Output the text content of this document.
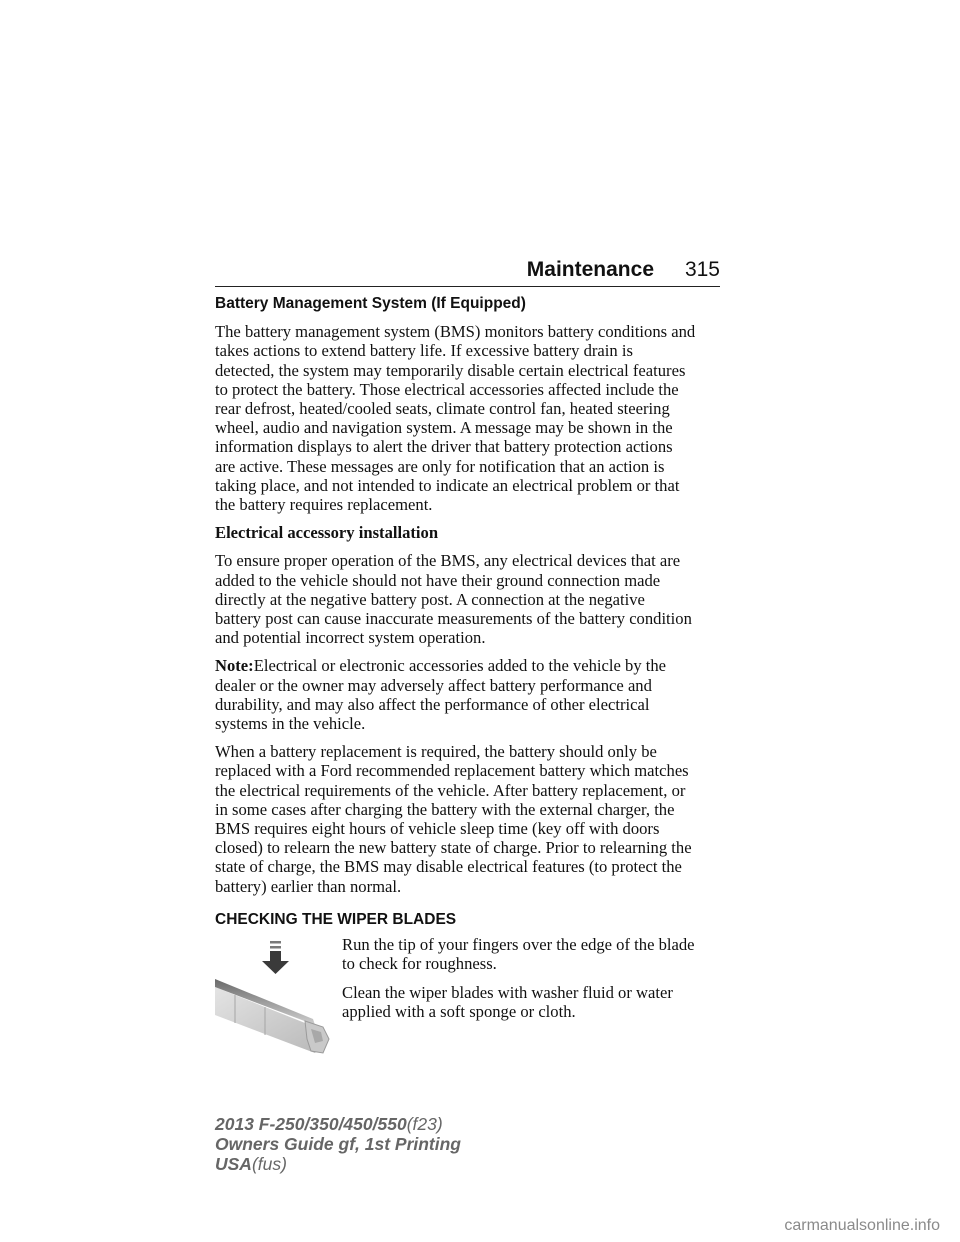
Maintenance 315
Battery Management System (If Equipped)

The battery management system (BMS) monitors battery conditions and
takes actions to extend battery life. If excessive battery drain is
detected, the system may temporarily disable certain electrical features
to protect the battery. Those electrical accessories affected include the
rear defrost, heated/cooled seats, climate control fan, heated steering
wheel, audio and navigation system. A message may be shown in the
information displays to alert the driver that battery protection actions
are active. These messages are only for notification that an action is
taking place, and not intended to indicate an electrical problem or that
the battery requires replacement.

Electrical accessory installation

To ensure proper operation of the BMS, any electrical devices that are
added to the vehicle should not have their ground connection made
directly at the negative battery post. A connection at the negative
battery post can cause inaccurate measurements of the battery condition
and potential incorrect system operation.

Note:Electrical or electronic accessories added to the vehicle by the
dealer or the owner may adversely affect battery performance and
durability, and may also affect the performance of other electrical
systems in the vehicle.

When a battery replacement is required, the battery should only be
replaced with a Ford recommended replacement battery which matches
the electrical requirements of the vehicle. After battery replacement, or
in some cases after charging the battery with the external charger, the
BMS requires eight hours of vehicle sleep time (key off with doors
closed) to relearn the new battery state of charge. Prior to relearning the
state of charge, the BMS may disable electrical features (to protect the
battery) earlier than normal.

CHECKING THE WIPER BLADES

Run the tip of your fingers over the edge of the blade
to check for roughness.

Clean the wiper blades with washer fluid or water
applied with a soft sponge or cloth.

2013 F-250/350/450/550(f23)
Owners Guide gf, 1st Printing
USA(fus)
carmanualsonline.info
